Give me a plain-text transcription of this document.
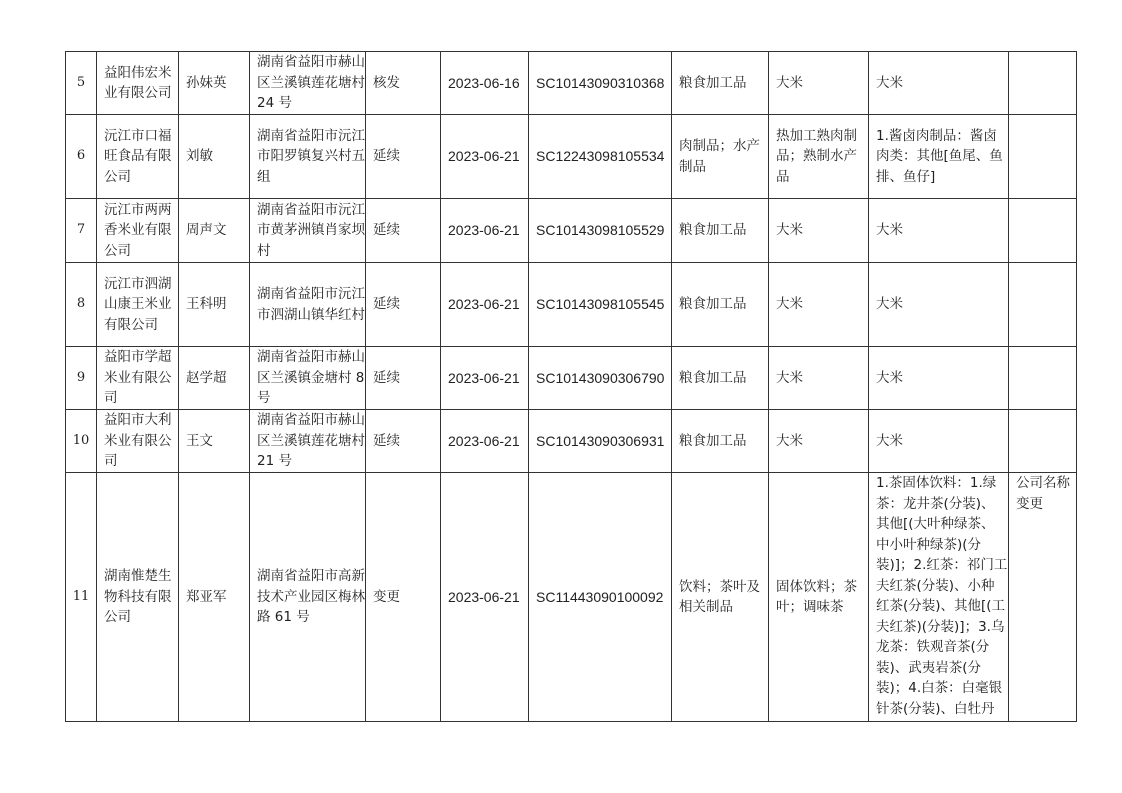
5	益阳伟宏米业有限公司	孙妹英	湖南省益阳市赫山区兰溪镇莲花塘村 24 号	核发	2023-06-16	SC10143090310368	粮食加工品	大米	大米	
6	沅江市口福旺食品有限公司	刘敏	湖南省益阳市沅江市阳罗镇复兴村五组	延续	2023-06-21	SC12243098105534	肉制品；水产制品	热加工熟肉制品；熟制水产品	1.酱卤肉制品：酱卤肉类：其他[鱼尾、鱼排、鱼仔]	
7	沅江市两两香米业有限公司	周声文	湖南省益阳市沅江市黄茅洲镇肖家坝村	延续	2023-06-21	SC10143098105529	粮食加工品	大米	大米	
8	沅江市泗湖山康王米业有限公司	王科明	湖南省益阳市沅江市泗湖山镇华红村	延续	2023-06-21	SC10143098105545	粮食加工品	大米	大米	
9	益阳市学超米业有限公司	赵学超	湖南省益阳市赫山区兰溪镇金塘村 8 号	延续	2023-06-21	SC10143090306790	粮食加工品	大米	大米	
10	益阳市大利米业有限公司	王文	湖南省益阳市赫山区兰溪镇莲花塘村 21 号	延续	2023-06-21	SC10143090306931	粮食加工品	大米	大米	
11	湖南惟楚生物科技有限公司	郑亚军	湖南省益阳市高新技术产业园区梅林路 61 号	变更	2023-06-21	SC11443090100092	饮料；茶叶及相关制品	固体饮料；茶叶；调味茶	1.茶固体饮料：1.绿茶：龙井茶(分装)、其他[(大叶种绿茶、中小叶种绿茶)(分装)]；2.红茶：祁门工夫红茶(分装)、小种红茶(分装)、其他[(工夫红茶)(分装)]；3.乌龙茶：铁观音茶(分装)、武夷岩茶(分装)；4.白茶：白毫银针茶(分装)、白牡丹	公司名称变更
